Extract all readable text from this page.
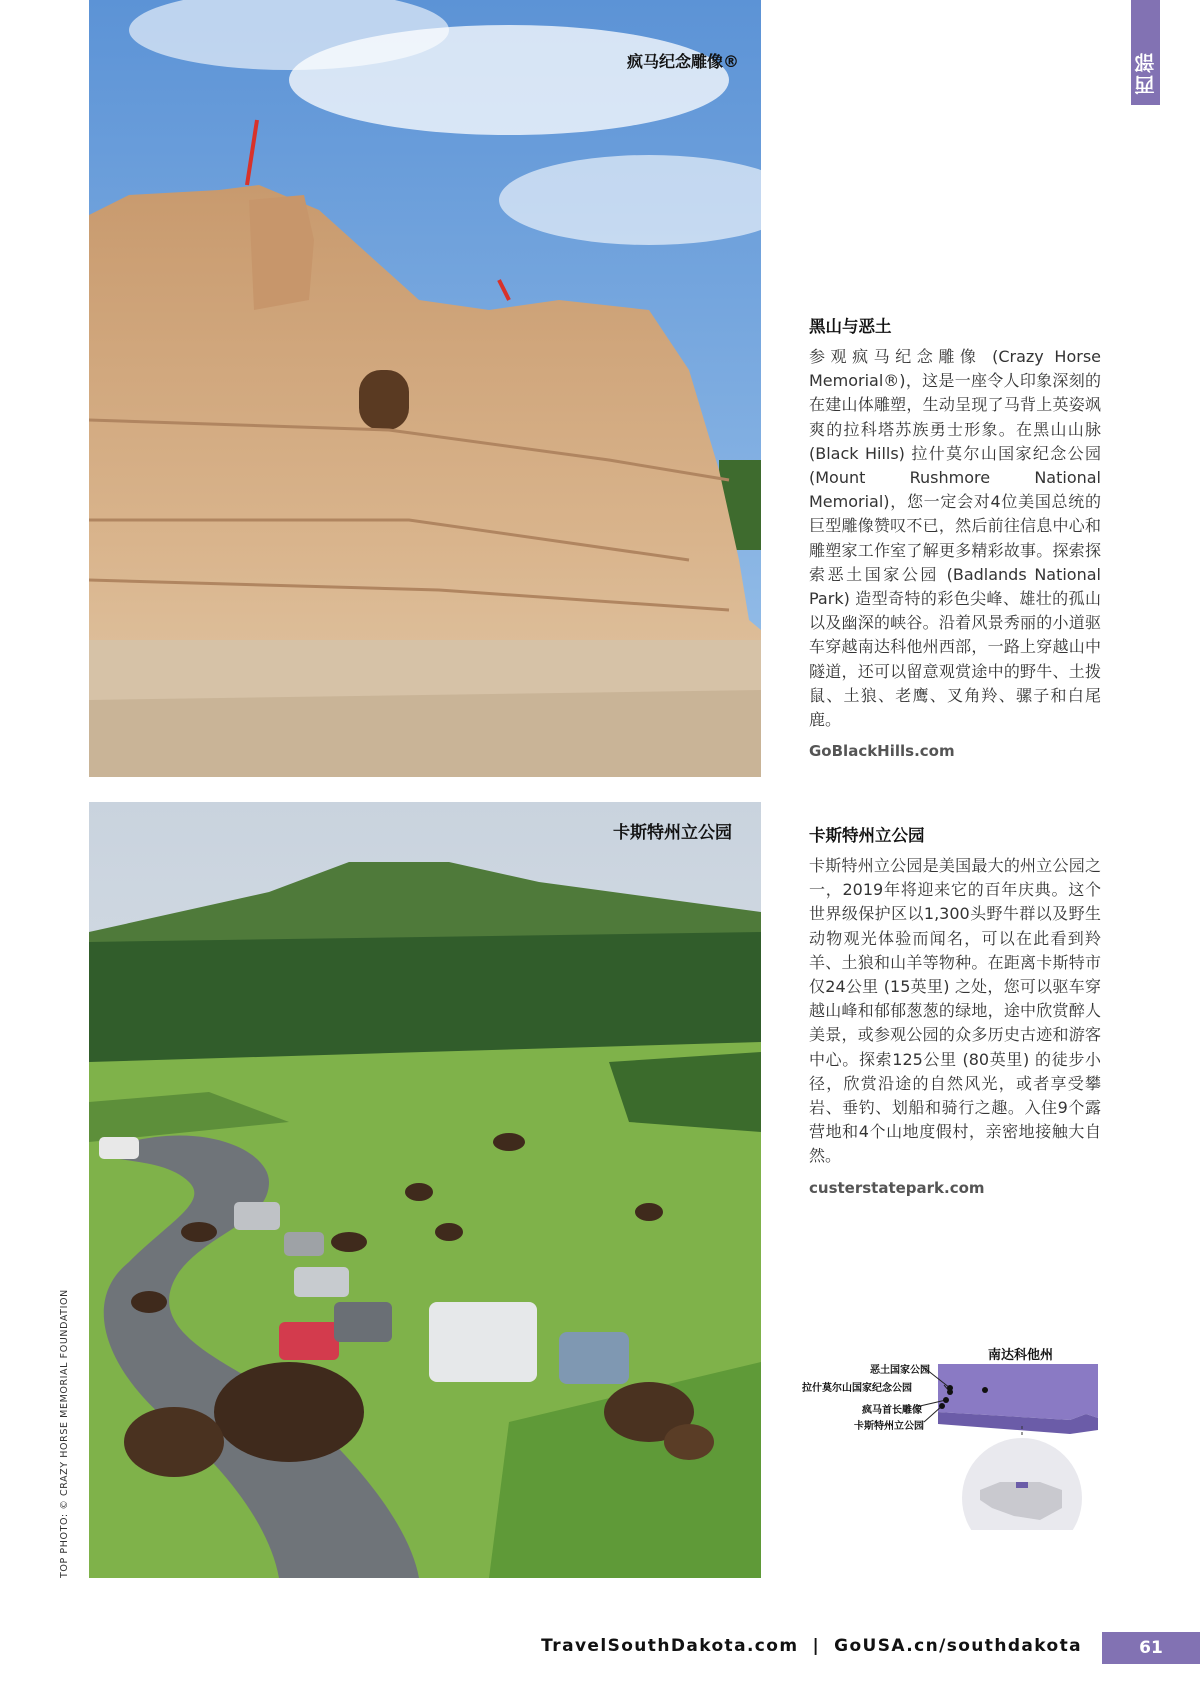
西部
疯马纪念雕像®
卡斯特州立公园
TOP PHOTO: © CRAZY HORSE MEMORIAL FOUNDATION
黑山与恶土

参观疯马纪念雕像 (Crazy Horse Memorial®)，这是一座令人印象深刻的在建山体雕塑，生动呈现了马背上英姿飒爽的拉科塔苏族勇士形象。在黑山山脉 (Black Hills) 拉什莫尔山国家纪念公园 (Mount Rushmore National Memorial)，您一定会对4位美国总统的巨型雕像赞叹不已，然后前往信息中心和雕塑家工作室了解更多精彩故事。探索探索恶土国家公园 (Badlands National Park) 造型奇特的彩色尖峰、雄壮的孤山以及幽深的峡谷。沿着风景秀丽的小道驱车穿越南达科他州西部，一路上穿越山中隧道，还可以留意观赏途中的野牛、土拨鼠、土狼、老鹰、叉角羚、骡子和白尾鹿。

GoBlackHills.com
卡斯特州立公园

卡斯特州立公园是美国最大的州立公园之一，2019年将迎来它的百年庆典。这个世界级保护区以1,300头野牛群以及野生动物观光体验而闻名，可以在此看到羚羊、土狼和山羊等物种。在距离卡斯特市仅24公里 (15英里) 之处，您可以驱车穿越山峰和郁郁葱葱的绿地，途中欣赏醉人美景，或参观公园的众多历史古迹和游客中心。探索125公里 (80英里) 的徒步小径，欣赏沿途的自然风光，或者享受攀岩、垂钓、划船和骑行之趣。入住9个露营地和4个山地度假村，亲密地接触大自然。

custerstatepark.com
南达科他州
恶土国家公园
拉什莫尔山国家纪念公园
疯马首长雕像
卡斯特州立公园
TravelSouthDakota.com | GoUSA.cn/southdakota	61
